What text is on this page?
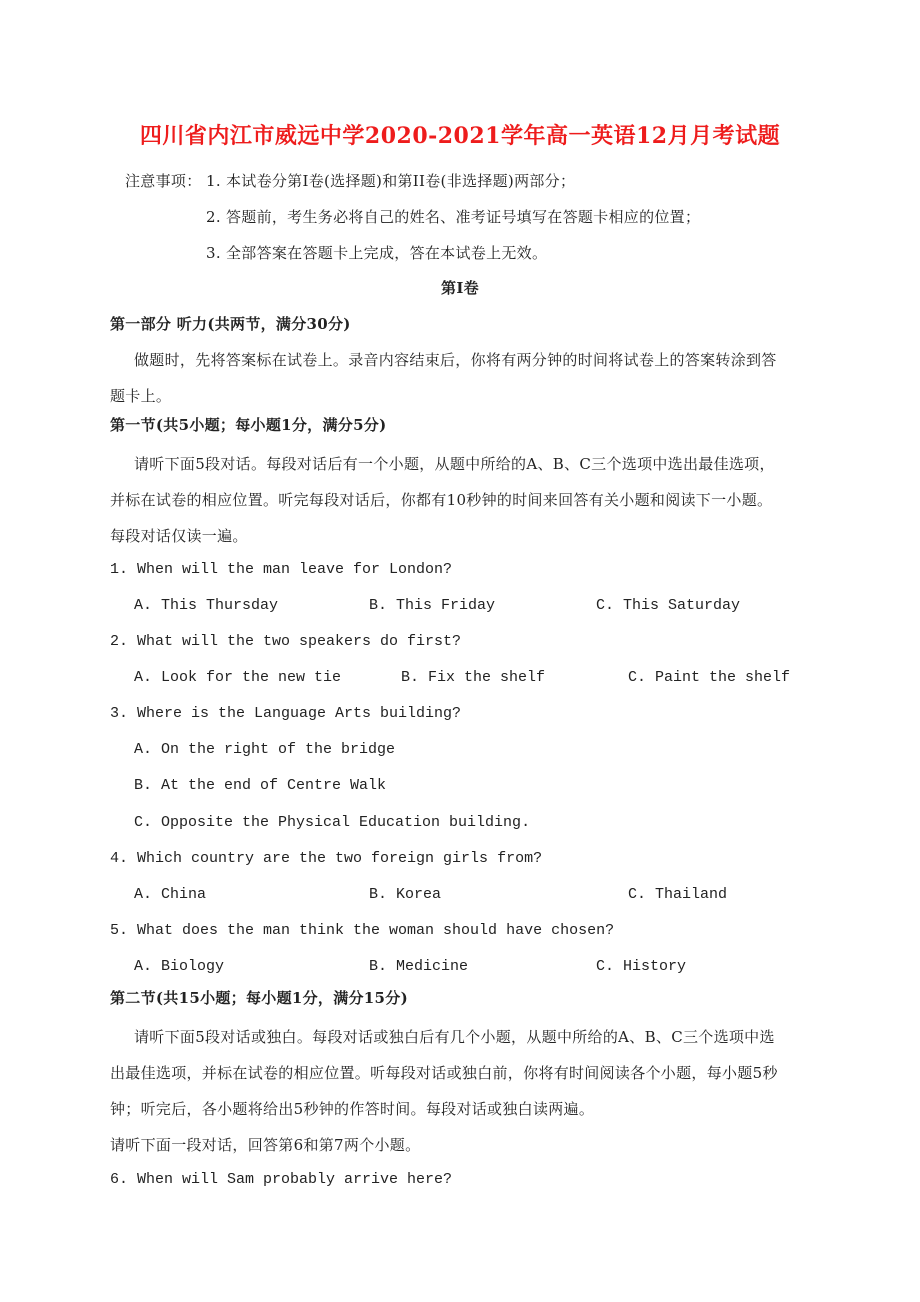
四川省内江市威远中学2020-2021学年高一英语12月月考试题
注意事项： 1. 本试卷分第I卷(选择题)和第II卷(非选择题)两部分；
2. 答题前，考生务必将自己的姓名、准考证号填写在答题卡相应的位置；
3. 全部答案在答题卡上完成，答在本试卷上无效。
第I卷
第一部分 听力(共两节，满分30分)
做题时，先将答案标在试卷上。录音内容结束后，你将有两分钟的时间将试卷上的答案转涂到答
题卡上。
第一节(共5小题；每小题1分，满分5分)
请听下面5段对话。每段对话后有一个小题，从题中所给的A、B、C三个选项中选出最佳选项，
并标在试卷的相应位置。听完每段对话后，你都有10秒钟的时间来回答有关小题和阅读下一小题。
每段对话仅读一遍。
1. When will the man leave for London?
A. This Thursday	B. This Friday	C. This Saturday
2. What will the two speakers do first?
A. Look for the new tie	B. Fix the shelf	C. Paint the shelf
3. Where is the Language Arts building?
A. On the right of the bridge
B. At the end of Centre Walk
C. Opposite the Physical Education building.
4. Which country are the two foreign girls from?
A. China	B. Korea	C. Thailand
5. What does the man think the woman should have chosen?
A. Biology	B. Medicine	C. History
第二节(共15小题；每小题1分，满分15分)
请听下面5段对话或独白。每段对话或独白后有几个小题，从题中所给的A、B、C三个选项中选
出最佳选项，并标在试卷的相应位置。听每段对话或独白前，你将有时间阅读各个小题，每小题5秒
钟；听完后，各小题将给出5秒钟的作答时间。每段对话或独白读两遍。
请听下面一段对话，回答第6和第7两个小题。
6. When will Sam probably arrive here?
